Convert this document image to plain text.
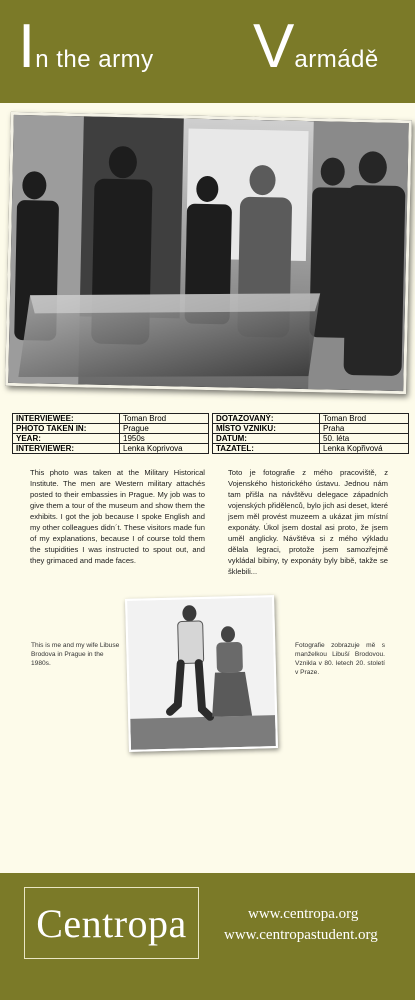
In the army Varmádě
INTERVIEWEE:	Toman Brod
PHOTO TAKEN IN:	Prague
YEAR:	1950s
INTERVIEWER:	Lenka Koprivova
DOTAZOVANÝ:	Toman Brod
MÍSTO VZNIKU:	Praha
DATUM:	50. léta
TAZATEL:	Lenka Kopřivová
This photo was taken at the Military Historical Institute. The men are Western military attachés posted to their embassies in Prague. My job was to give them a tour of the museum and show them the exhibits. I got the job because I spoke English and my other colleagues didn´t. These visitors made fun of my explanations, because I of course told them the stupidities I was instructed to spout out, and they grimaced and made faces.
Toto je fotografie z mého pracoviště, z Vojenského historického ústavu. Jednou nám tam přišla na návštěvu delegace západních vojenských přidělenců, bylo jich asi deset, které jsem měl provést muzeem a ukázat jim místní exponáty. Úkol jsem dostal asi proto, že jsem uměl anglicky. Návštěva si z mého výkladu dělala legraci, protože jsem samozřejmě vykládal bibiny, ty exponáty byly bibě, takže se šklebili...
This is me and my wife Libuse Brodova in Prague in the 1980s.
Fotografie zobrazuje mě s manželkou Libuší Brodovou. Vznikla v 80. letech 20. století v Praze.
Centropa	www.centropa.org
www.centropastudent.org
